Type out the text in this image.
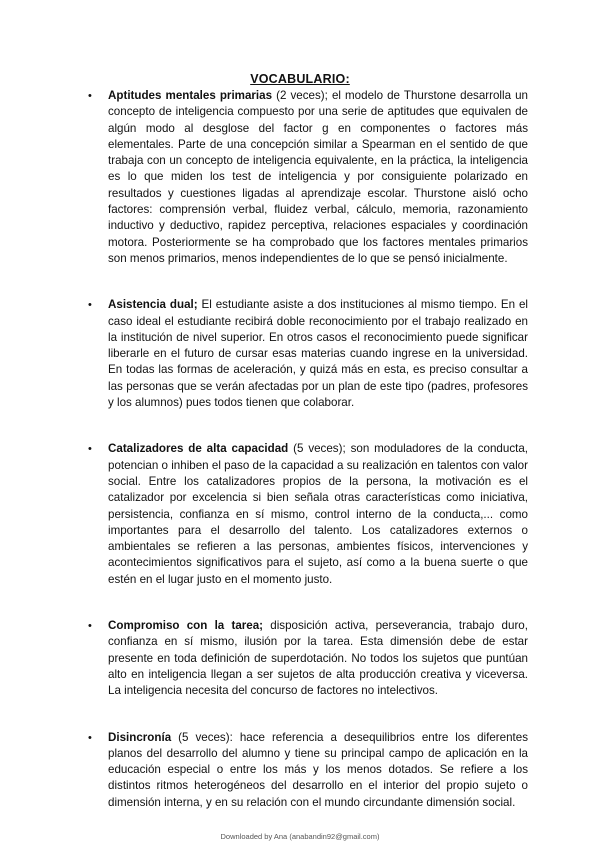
VOCABULARIO:
• Aptitudes mentales primarias (2 veces); el modelo de Thurstone desarrolla un concepto de inteligencia compuesto por una serie de aptitudes que equivalen de algún modo al desglose del factor g en componentes o factores más elementales. Parte de una concepción similar a Spearman en el sentido de que trabaja con un concepto de inteligencia equivalente, en la práctica, la inteligencia es lo que miden los test de inteligencia y por consiguiente polarizado en resultados y cuestiones ligadas al aprendizaje escolar. Thurstone aisló ocho factores: comprensión verbal, fluidez verbal, cálculo, memoria, razonamiento inductivo y deductivo, rapidez perceptiva, relaciones espaciales y coordinación motora. Posteriormente se ha comprobado que los factores mentales primarios son menos primarios, menos independientes de lo que se pensó inicialmente.
• Asistencia dual; El estudiante asiste a dos instituciones al mismo tiempo. En el caso ideal el estudiante recibirá doble reconocimiento por el trabajo realizado en la institución de nivel superior. En otros casos el reconocimiento puede significar liberarle en el futuro de cursar esas materias cuando ingrese en la universidad. En todas las formas de aceleración, y quizá más en esta, es preciso consultar a las personas que se verán afectadas por un plan de este tipo (padres, profesores y los alumnos) pues todos tienen que colaborar.
• Catalizadores de alta capacidad (5 veces); son moduladores de la conducta, potencian o inhiben el paso de la capacidad a su realización en talentos con valor social. Entre los catalizadores propios de la persona, la motivación es el catalizador por excelencia si bien señala otras características como iniciativa, persistencia, confianza en sí mismo, control interno de la conducta,... como importantes para el desarrollo del talento. Los catalizadores externos o ambientales se refieren a las personas, ambientes físicos, intervenciones y acontecimientos significativos para el sujeto, así como a la buena suerte o que estén en el lugar justo en el momento justo.
• Compromiso con la tarea; disposición activa, perseverancia, trabajo duro, confianza en sí mismo, ilusión por la tarea. Esta dimensión debe de estar presente en toda definición de superdotación. No todos los sujetos que puntúan alto en inteligencia llegan a ser sujetos de alta producción creativa y viceversa. La inteligencia necesita del concurso de factores no intelectivos.
• Disincronía (5 veces): hace referencia a desequilibrios entre los diferentes planos del desarrollo del alumno y tiene su principal campo de aplicación en la educación especial o entre los más y los menos dotados. Se refiere a los distintos ritmos heterogéneos del desarrollo en el interior del propio sujeto o dimensión interna, y en su relación con el mundo circundante dimensión social.
Downloaded by Ana (anabandin92@gmail.com)
